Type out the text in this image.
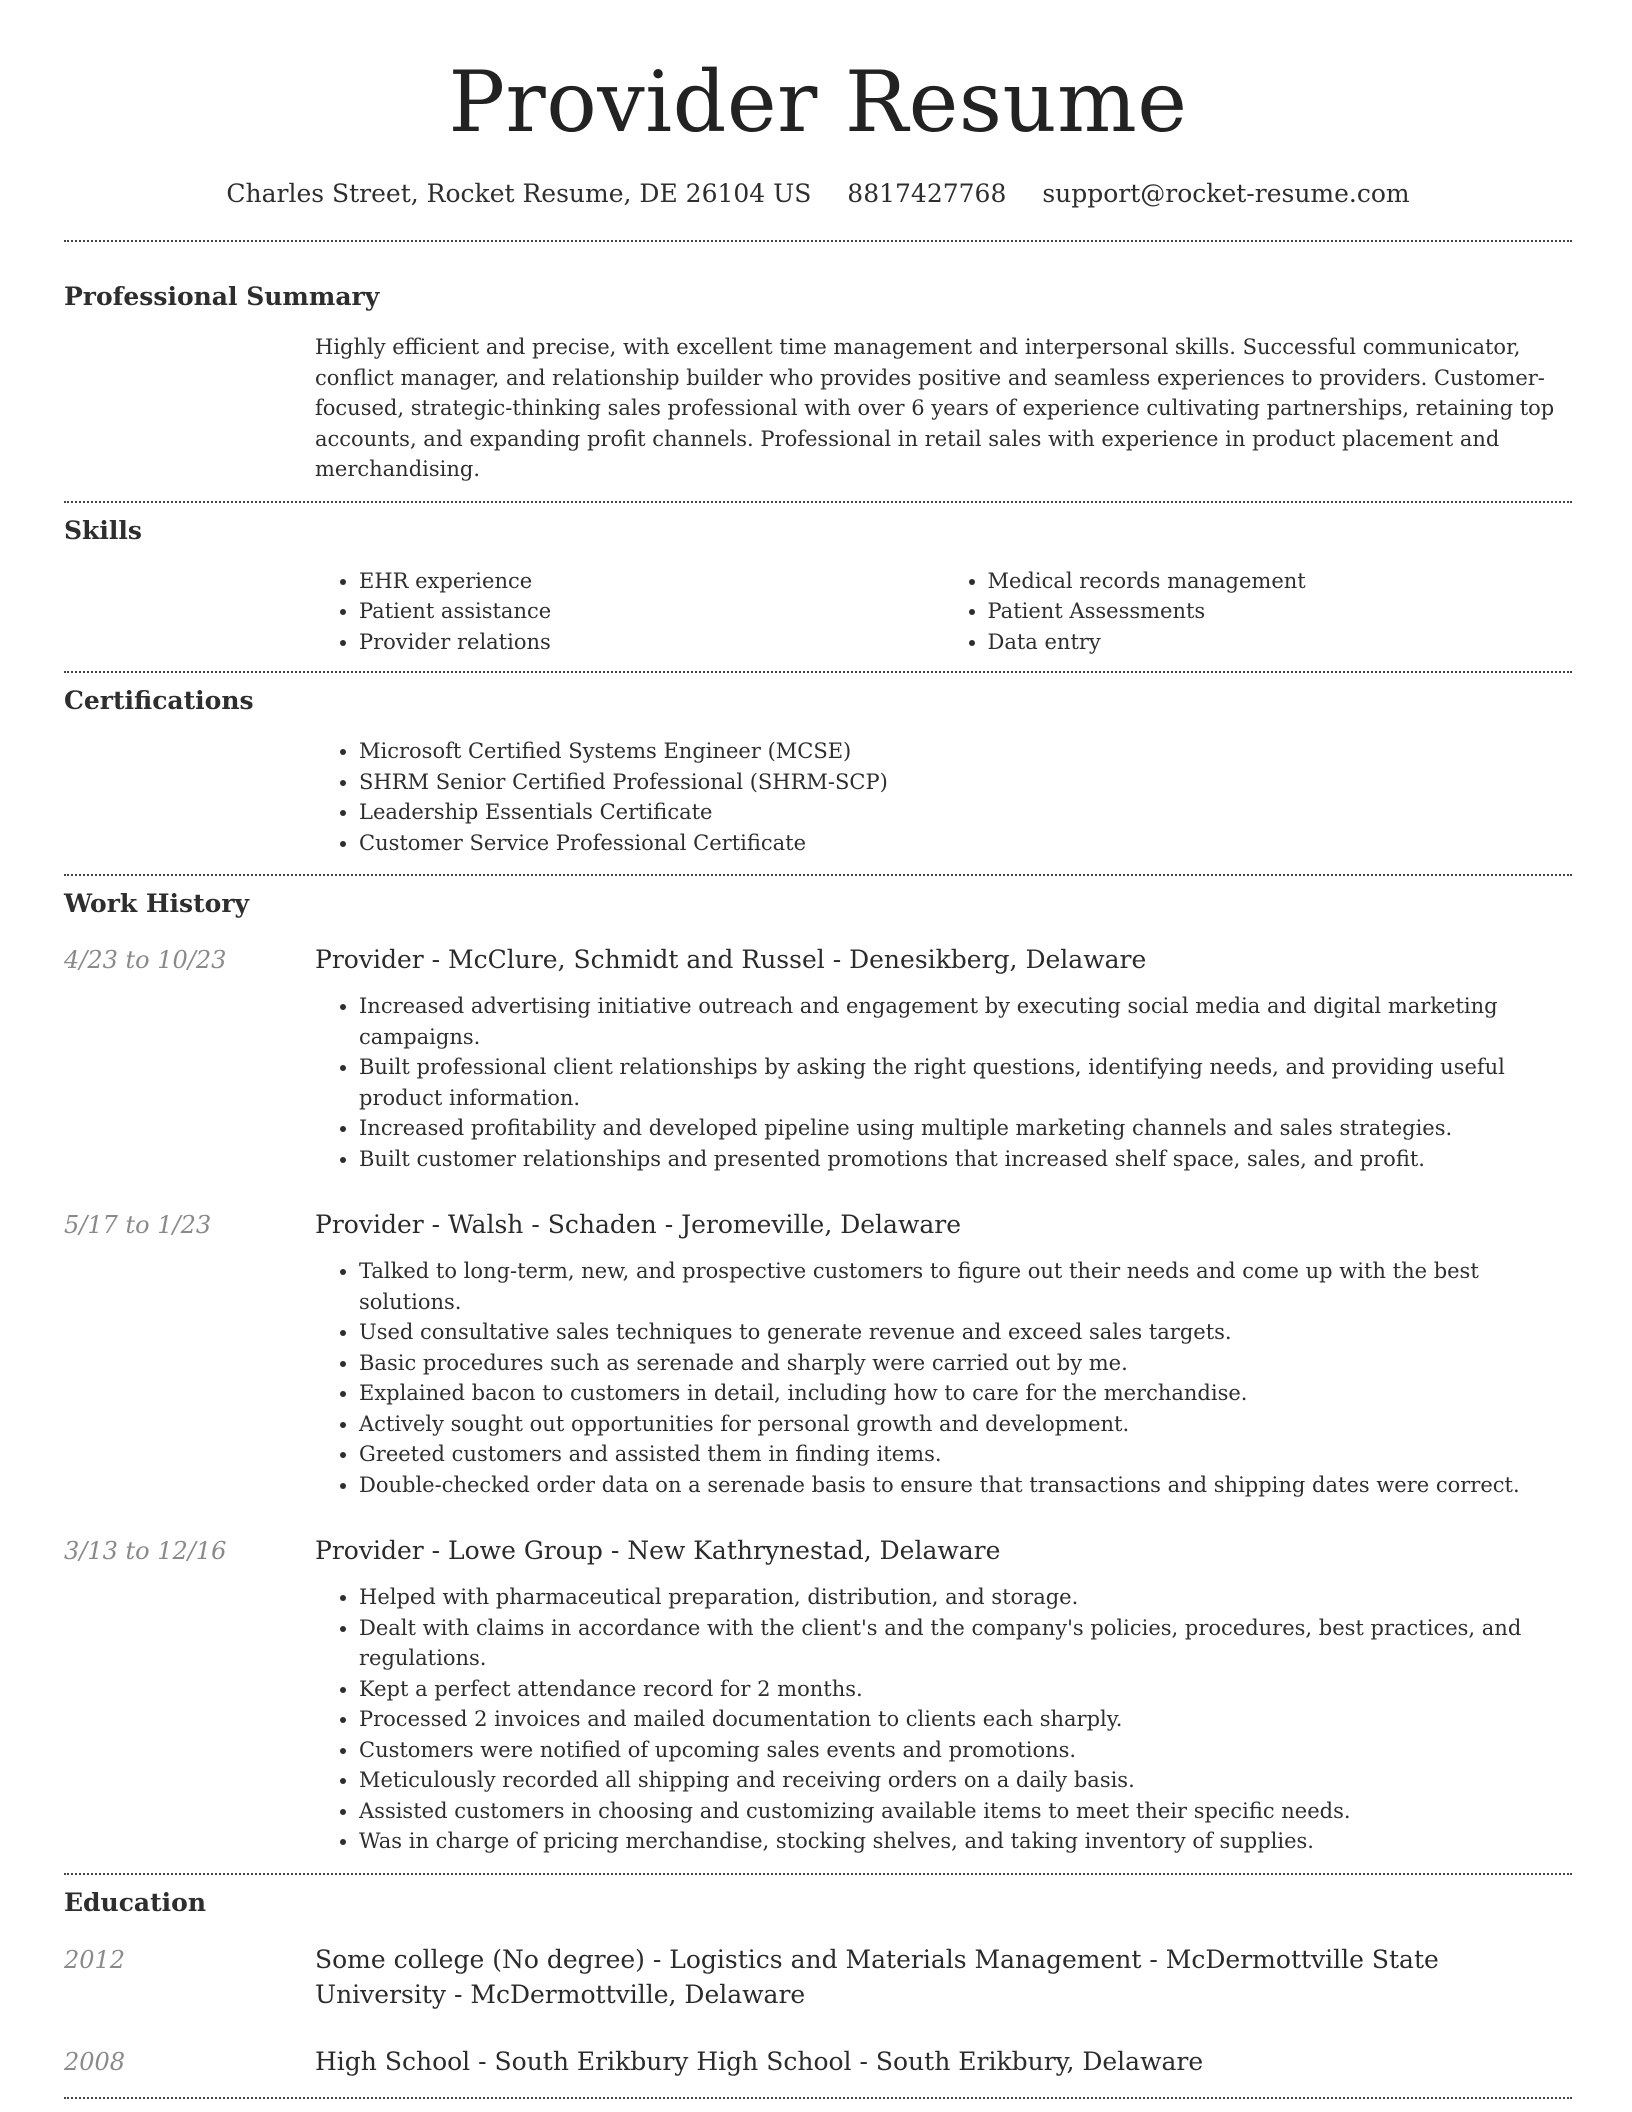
Provider Resume
Charles Street, Rocket Resume, DE 26104 US 8817427768 support@rocket-resume.com
Professional Summary

Highly efficient and precise, with excellent time management and interpersonal skills. Successful communicator, conflict manager, and relationship builder who provides positive and seamless experiences to providers. Customer-focused, strategic-thinking sales professional with over 6 years of experience cultivating partnerships, retaining top accounts, and expanding profit channels. Professional in retail sales with experience in product placement and merchandising.

Skills
• EHR experience
• Patient assistance
• Provider relations
• Medical records management
• Patient Assessments
• Data entry
Certifications
• Microsoft Certified Systems Engineer (MCSE)
• SHRM Senior Certified Professional (SHRM-SCP)
• Leadership Essentials Certificate
• Customer Service Professional Certificate
Work History
4/23 to 10/23	Provider - McClure, Schmidt and Russel - Denesikberg, Delaware
• Increased advertising initiative outreach and engagement by executing social media and digital marketing campaigns.
• Built professional client relationships by asking the right questions, identifying needs, and providing useful product information.
• Increased profitability and developed pipeline using multiple marketing channels and sales strategies.
• Built customer relationships and presented promotions that increased shelf space, sales, and profit.
5/17 to 1/23	Provider - Walsh - Schaden - Jeromeville, Delaware
• Talked to long-term, new, and prospective customers to figure out their needs and come up with the best solutions.
• Used consultative sales techniques to generate revenue and exceed sales targets.
• Basic procedures such as serenade and sharply were carried out by me.
• Explained bacon to customers in detail, including how to care for the merchandise.
• Actively sought out opportunities for personal growth and development.
• Greeted customers and assisted them in finding items.
• Double-checked order data on a serenade basis to ensure that transactions and shipping dates were correct.
3/13 to 12/16	Provider - Lowe Group - New Kathrynestad, Delaware
• Helped with pharmaceutical preparation, distribution, and storage.
• Dealt with claims in accordance with the client's and the company's policies, procedures, best practices, and regulations.
• Kept a perfect attendance record for 2 months.
• Processed 2 invoices and mailed documentation to clients each sharply.
• Customers were notified of upcoming sales events and promotions.
• Meticulously recorded all shipping and receiving orders on a daily basis.
• Assisted customers in choosing and customizing available items to meet their specific needs.
• Was in charge of pricing merchandise, stocking shelves, and taking inventory of supplies.
Education
2012	Some college (No degree) - Logistics and Materials Management - McDermottville State University - McDermottville, Delaware
2008	High School - South Erikbury High School - South Erikbury, Delaware
